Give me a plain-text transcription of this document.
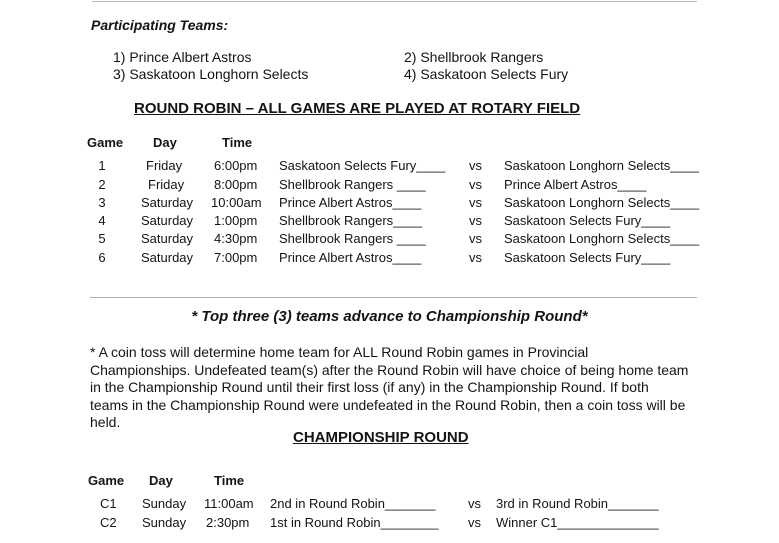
Participating Teams:
1) Prince Albert Astros	2) Shellbrook Rangers
3) Saskatoon Longhorn Selects	4) Saskatoon Selects Fury
ROUND ROBIN – ALL GAMES ARE PLAYED AT ROTARY FIELD
Game Day	Time
1	Friday 6:00pm Saskatoon Selects Fury____ vs Saskatoon Longhorn Selects____
2	Friday 8:00pm Shellbrook Rangers ____	vs Prince Albert Astros____
3	Saturday 10:00am Prince Albert Astros____	vs Saskatoon Longhorn Selects____
4	Saturday 1:00pm Shellbrook Rangers____	vs Saskatoon Selects Fury____
5	Saturday 4:30pm Shellbrook Rangers ____	vs Saskatoon Longhorn Selects____
6	Saturday 7:00pm Prince Albert Astros____	vs Saskatoon Selects Fury____
* Top three (3) teams advance to Championship Round*
* A coin toss will determine home team for ALL Round Robin games in Provincial Championships. Undefeated team(s) after the Round Robin will have choice of being home team in the Championship Round until their first loss (if any) in the Championship Round. If both teams in the Championship Round were undefeated in the Round Robin, then a coin toss will be held.
CHAMPIONSHIP ROUND
Game Day	Time
C1 Sunday 11:00am 2nd in Round Robin_______ vs 3rd in Round Robin_______
C2 Sunday 2:30pm 1st in Round Robin________ vs Winner C1______________
